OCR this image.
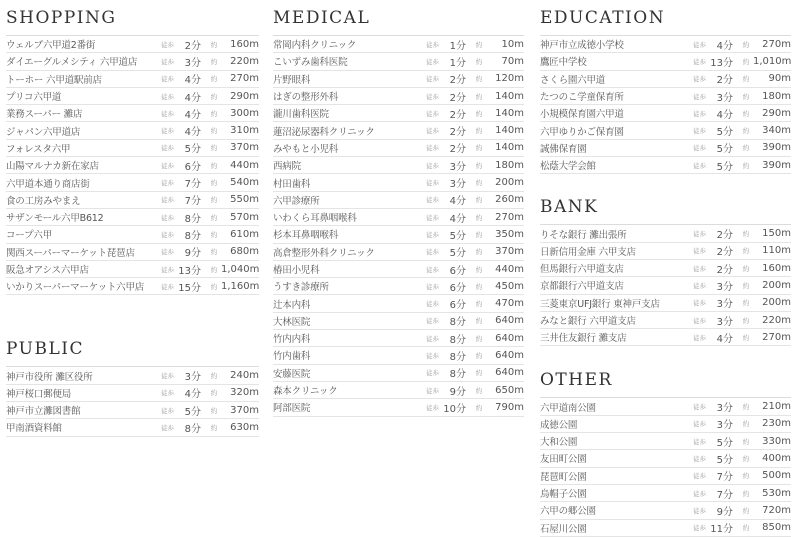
SHOPPING
ウェルブ六甲道2番街	徒歩	2分	約	160m
ダイエーグルメシティ 六甲道店	徒歩	3分	約	220m
トーホー 六甲道駅前店	徒歩	4分	約	270m
プリコ六甲道	徒歩	4分	約	290m
業務スーパー 灘店	徒歩	4分	約	300m
ジャパン六甲道店	徒歩	4分	約	310m
フォレスタ六甲	徒歩	5分	約	370m
山陽マルナカ新在家店	徒歩	6分	約	440m
六甲道本通り商店街	徒歩	7分	約	540m
食の工房みやまえ	徒歩	7分	約	550m
サザンモール六甲B612	徒歩	8分	約	570m
コープ六甲	徒歩	8分	約	610m
関西スーパーマーケット琵琶店	徒歩	9分	約	680m
阪急オアシス六甲店	徒歩 13分	約 1,040m
いかりスーパーマーケット六甲店	徒歩 15分	約 1,160m
PUBLIC
神戸市役所 灘区役所	徒歩	3分	約	240m
神戸桜口郵便局	徒歩	4分	約	320m
神戸市立灘図書館	徒歩	5分	約	370m
甲南酒資料館	徒歩	8分	約	630m
MEDICAL
常岡内科クリニック	徒歩	1分	約	10m
こいずみ歯科医院	徒歩	1分	約	70m
片野眼科	徒歩	2分	約	120m
はぎの整形外科	徒歩	2分	約	140m
瀧川歯科医院	徒歩	2分	約	140m
蓮沼泌尿器科クリニック	徒歩	2分	約	140m
みやもと小児科	徒歩	2分	約	140m
西病院	徒歩	3分	約	180m
村田歯科	徒歩	3分	約	200m
六甲診療所	徒歩	4分	約	260m
いわくら耳鼻咽喉科	徒歩	4分	約	270m
杉本耳鼻咽喉科	徒歩	5分	約	350m
高倉整形外科クリニック	徒歩	5分	約	370m
椿田小児科	徒歩	6分	約	440m
うすき診療所	徒歩	6分	約	450m
辻本内科	徒歩	6分	約	470m
大林医院	徒歩	8分	約	640m
竹内内科	徒歩	8分	約	640m
竹内歯科	徒歩	8分	約	640m
安藤医院	徒歩	8分	約	640m
森本クリニック	徒歩	9分	約	650m
阿部医院	徒歩 10分	約	790m
EDUCATION
神戸市立成徳小学校	徒歩	4分	約	270m
鷹匠中学校	徒歩 13分	約 1,010m
さくら園六甲道	徒歩	2分	約	90m
たつのこ学童保育所	徒歩	3分	約	180m
小規模保育園六甲道	徒歩	4分	約	290m
六甲ゆりかご保育園	徒歩	5分	約	340m
誠佛保育園	徒歩	5分	約	390m
松蔭大学会館	徒歩	5分	約	390m
BANK
りそな銀行 灘出張所	徒歩	2分	約	150m
日新信用金庫 六甲支店	徒歩	2分	約	110m
但馬銀行六甲道支店	徒歩	2分	約	160m
京都銀行六甲道支店	徒歩	3分	約	200m
三菱東京UFJ銀行 東神戸支店	徒歩	3分	約	200m
みなと銀行 六甲道支店	徒歩	3分	約	220m
三井住友銀行 灘支店	徒歩	4分	約	270m
OTHER
六甲道南公園	徒歩	3分	約	210m
成徳公園	徒歩	3分	約	230m
大和公園	徒歩	5分	約	330m
友田町公園	徒歩	5分	約	400m
琵琶町公園	徒歩	7分	約	500m
烏帽子公園	徒歩	7分	約	530m
六甲の郷公園	徒歩	9分	約	720m
石屋川公園	徒歩 11分	約	850m
